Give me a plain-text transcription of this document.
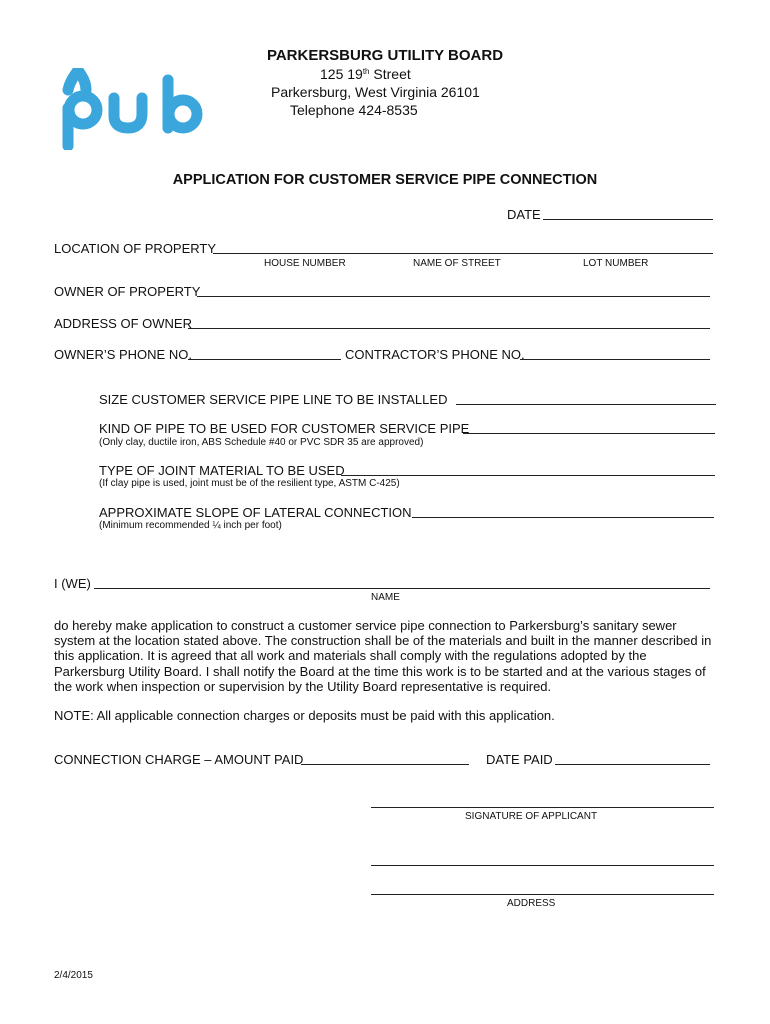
PARKERSBURG UTILITY BOARD
125 19th Street
Parkersburg, West Virginia 26101
Telephone 424-8535
APPLICATION FOR CUSTOMER SERVICE PIPE CONNECTION
DATE
LOCATION OF PROPERTY
HOUSE NUMBER	NAME OF STREET	LOT NUMBER
OWNER OF PROPERTY
ADDRESS OF OWNER
OWNER’S PHONE NO.	CONTRACTOR’S PHONE NO.
SIZE CUSTOMER SERVICE PIPE LINE TO BE INSTALLED
KIND OF PIPE TO BE USED FOR CUSTOMER SERVICE PIPE
(Only clay, ductile iron, ABS Schedule #40 or PVC SDR 35 are approved)
TYPE OF JOINT MATERIAL TO BE USED
(If clay pipe is used, joint must be of the resilient type, ASTM C-425)
APPROXIMATE SLOPE OF LATERAL CONNECTION
(Minimum recommended ¼ inch per foot)
I (WE)
NAME
do hereby make application to construct a customer service pipe connection to Parkersburg’s sanitary sewer system at the location stated above. The construction shall be of the materials and built in the manner described in this application. It is agreed that all work and materials shall comply with the regulations adopted by the Parkersburg Utility Board. I shall notify the Board at the time this work is to be started and at the various stages of the work when inspection or supervision by the Utility Board representative is required.
NOTE: All applicable connection charges or deposits must be paid with this application.
CONNECTION CHARGE – AMOUNT PAID	DATE PAID
SIGNATURE OF APPLICANT
ADDRESS
2/4/2015
